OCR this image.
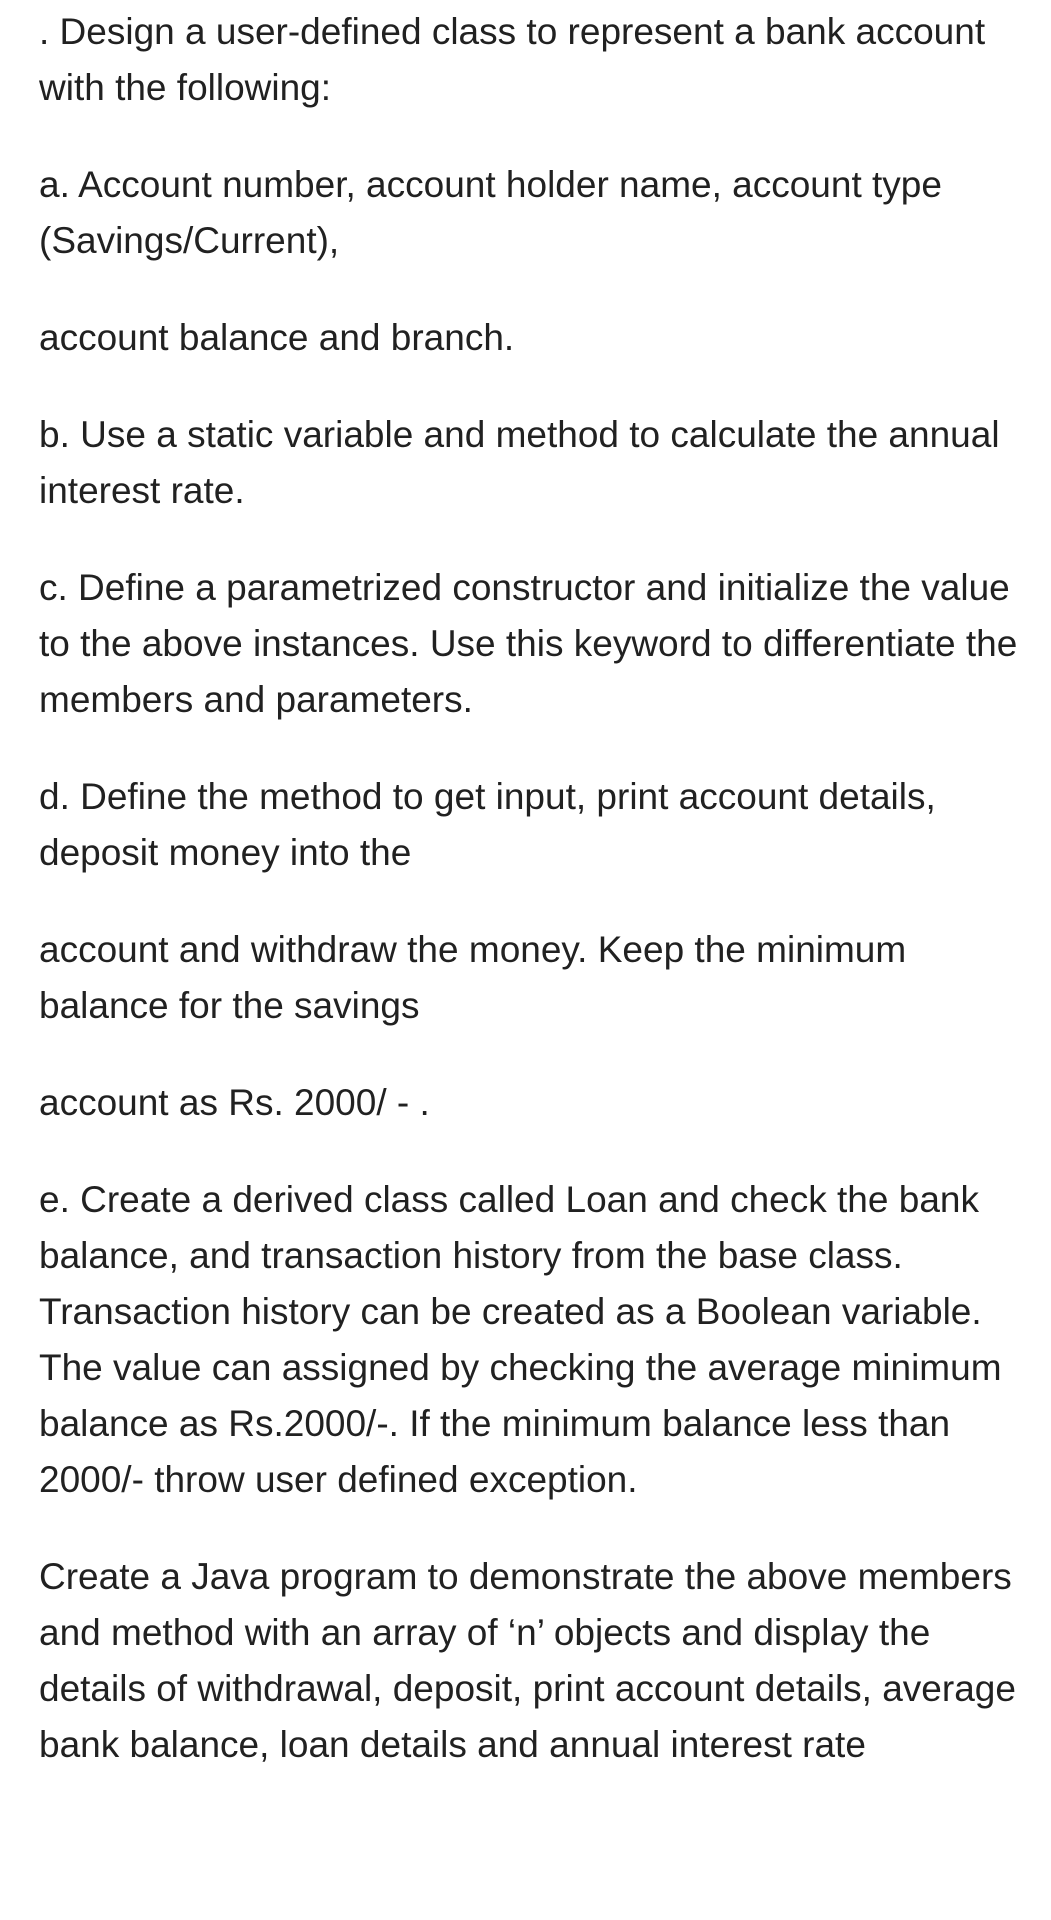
. Design a user-defined class to represent a bank account with the following:

a. Account number, account holder name, account type (Savings/Current),

account balance and branch.

b. Use a static variable and method to calculate the annual interest rate.

c. Define a parametrized constructor and initialize the value to the above instances. Use this keyword to differentiate the members and parameters.

d. Define the method to get input, print account details, deposit money into the

account and withdraw the money. Keep the minimum balance for the savings

account as Rs. 2000/ - .

e. Create a derived class called Loan and check the bank balance, and transaction history from the base class. Transaction history can be created as a Boolean variable. The value can assigned by checking the average minimum balance as Rs.2000/-. If the minimum balance less than 2000/- throw user defined exception.

Create a Java program to demonstrate the above members and method with an array of ‘n’ objects and display the details of withdrawal, deposit, print account details, average bank balance, loan details and annual interest rate
